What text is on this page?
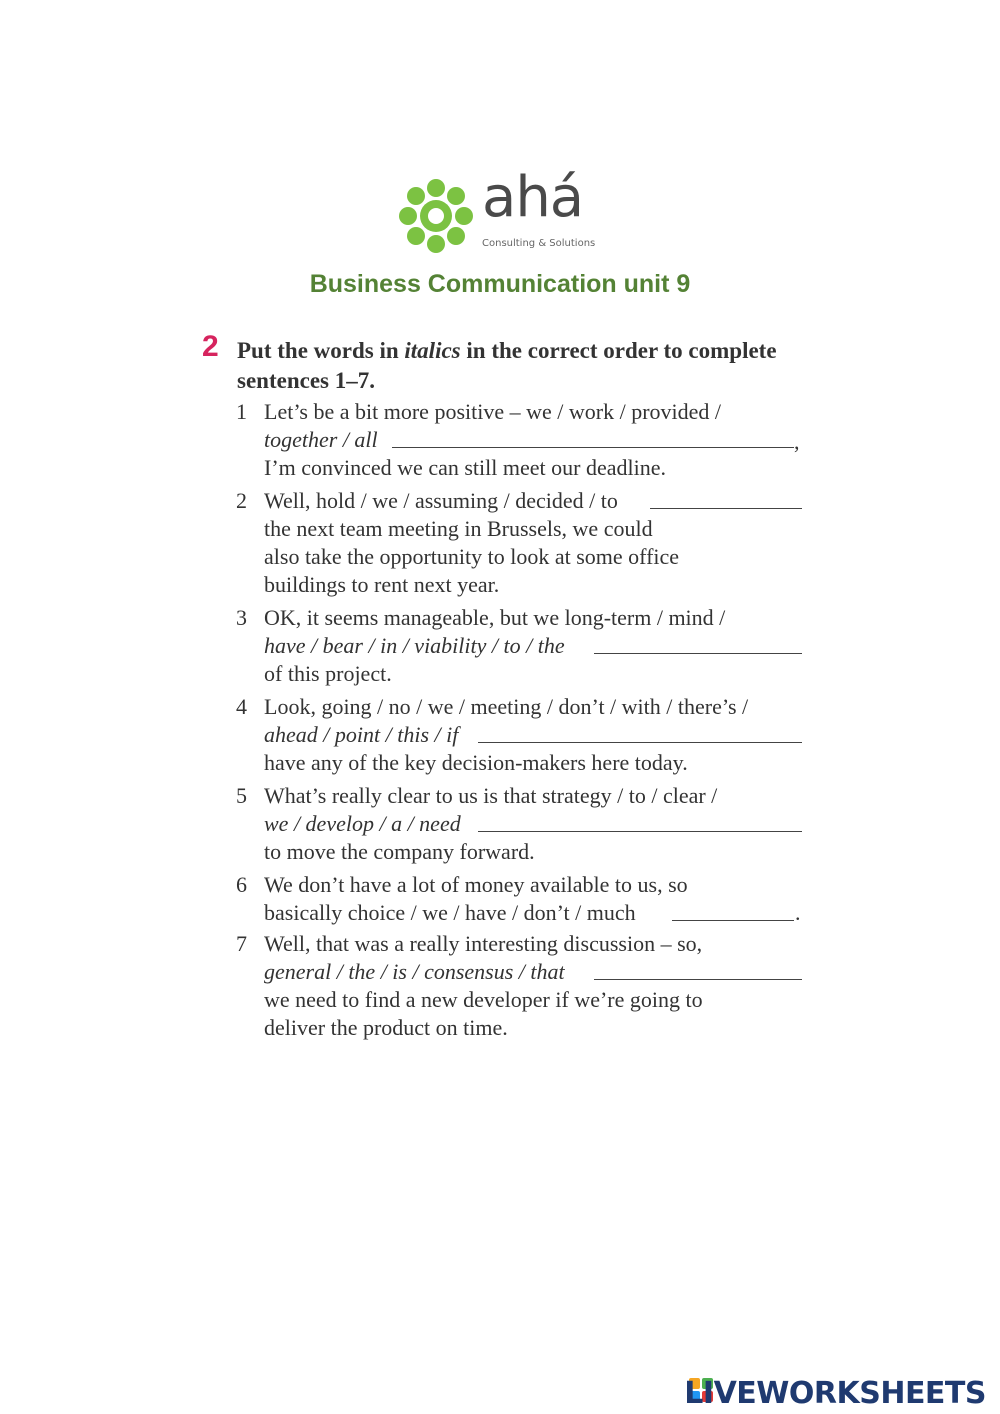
ahá
Consulting & Solutions
Business Communication unit 9
2 Put the words in italics in the correct order to complete sentences 1–7.
1 Let’s be a bit more positive – we / work / provided /
together / all	,
I’m convinced we can still meet our deadline.
2 Well, hold / we / assuming / decided / to
the next team meeting in Brussels, we could
also take the opportunity to look at some office
buildings to rent next year.
3 OK, it seems manageable, but we long-term / mind /
have / bear / in / viability / to / the
of this project.
4 Look, going / no / we / meeting / don’t / with / there’s /
ahead / point / this / if
have any of the key decision-makers here today.
5 What’s really clear to us is that strategy / to / clear /
we / develop / a / need
to move the company forward.
6 We don’t have a lot of money available to us, so
basically choice / we / have / don’t / much	.
7 Well, that was a really interesting discussion – so,
general / the / is / consensus / that
we need to find a new developer if we’re going to
deliver the product on time.
LIVEWORKSHEETS
